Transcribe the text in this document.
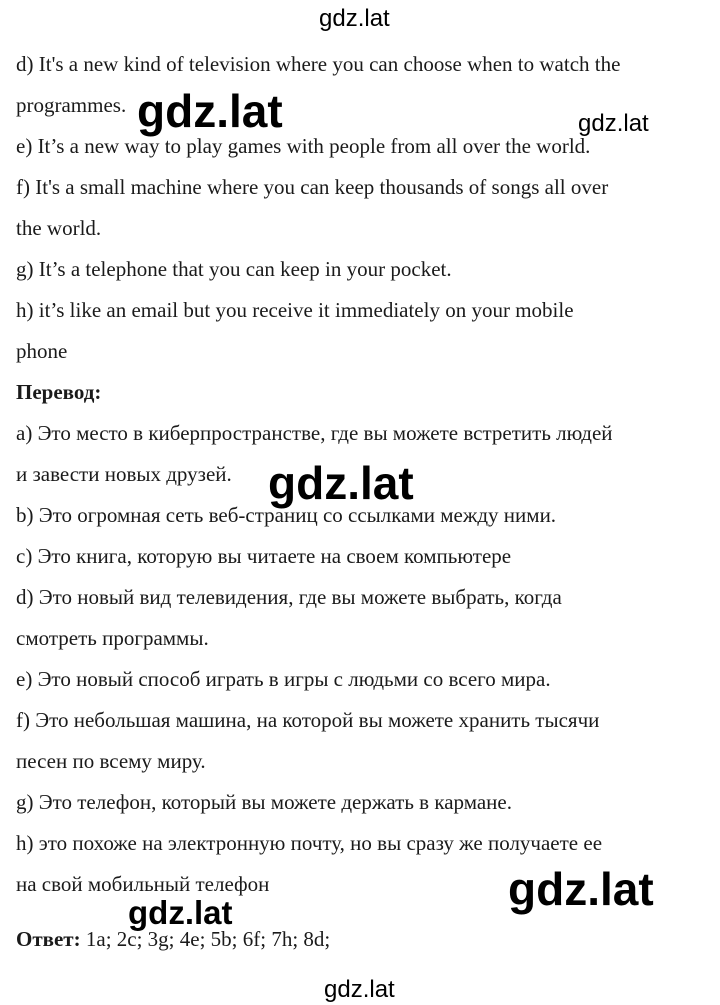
gdz.lat
d) It's a new kind of television where you can choose when to watch the
programmes. gdz.lat	gdz.lat
e) It’s a new way to play games with people from all over the world.
f) It's a small machine where you can keep thousands of songs all over
the world.
g) It’s a telephone that you can keep in your pocket.
h) it’s like an email but you receive it immediately on your mobile
phone
Перевод:
а) Это место в киберпространстве, где вы можете встретить людей
и завести новых друзей. gdz.lat
b) Это огромная сеть веб-страниц со ссылками между ними.
с) Это книга, которую вы читаете на своем компьютере
d) Это новый вид телевидения, где вы можете выбрать, когда
смотреть программы.
е) Это новый способ играть в игры с людьми со всего мира.
f) Это небольшая машина, на которой вы можете хранить тысячи
песен по всему миру.
g) Это телефон, который вы можете держать в кармане.
h) это похоже на электронную почту, но вы сразу же получаете ее
на свой мобильный телефон	gdz.lat
gdz.lat
Ответ: 1a; 2c; 3g; 4e; 5b; 6f; 7h; 8d;
gdz.lat
